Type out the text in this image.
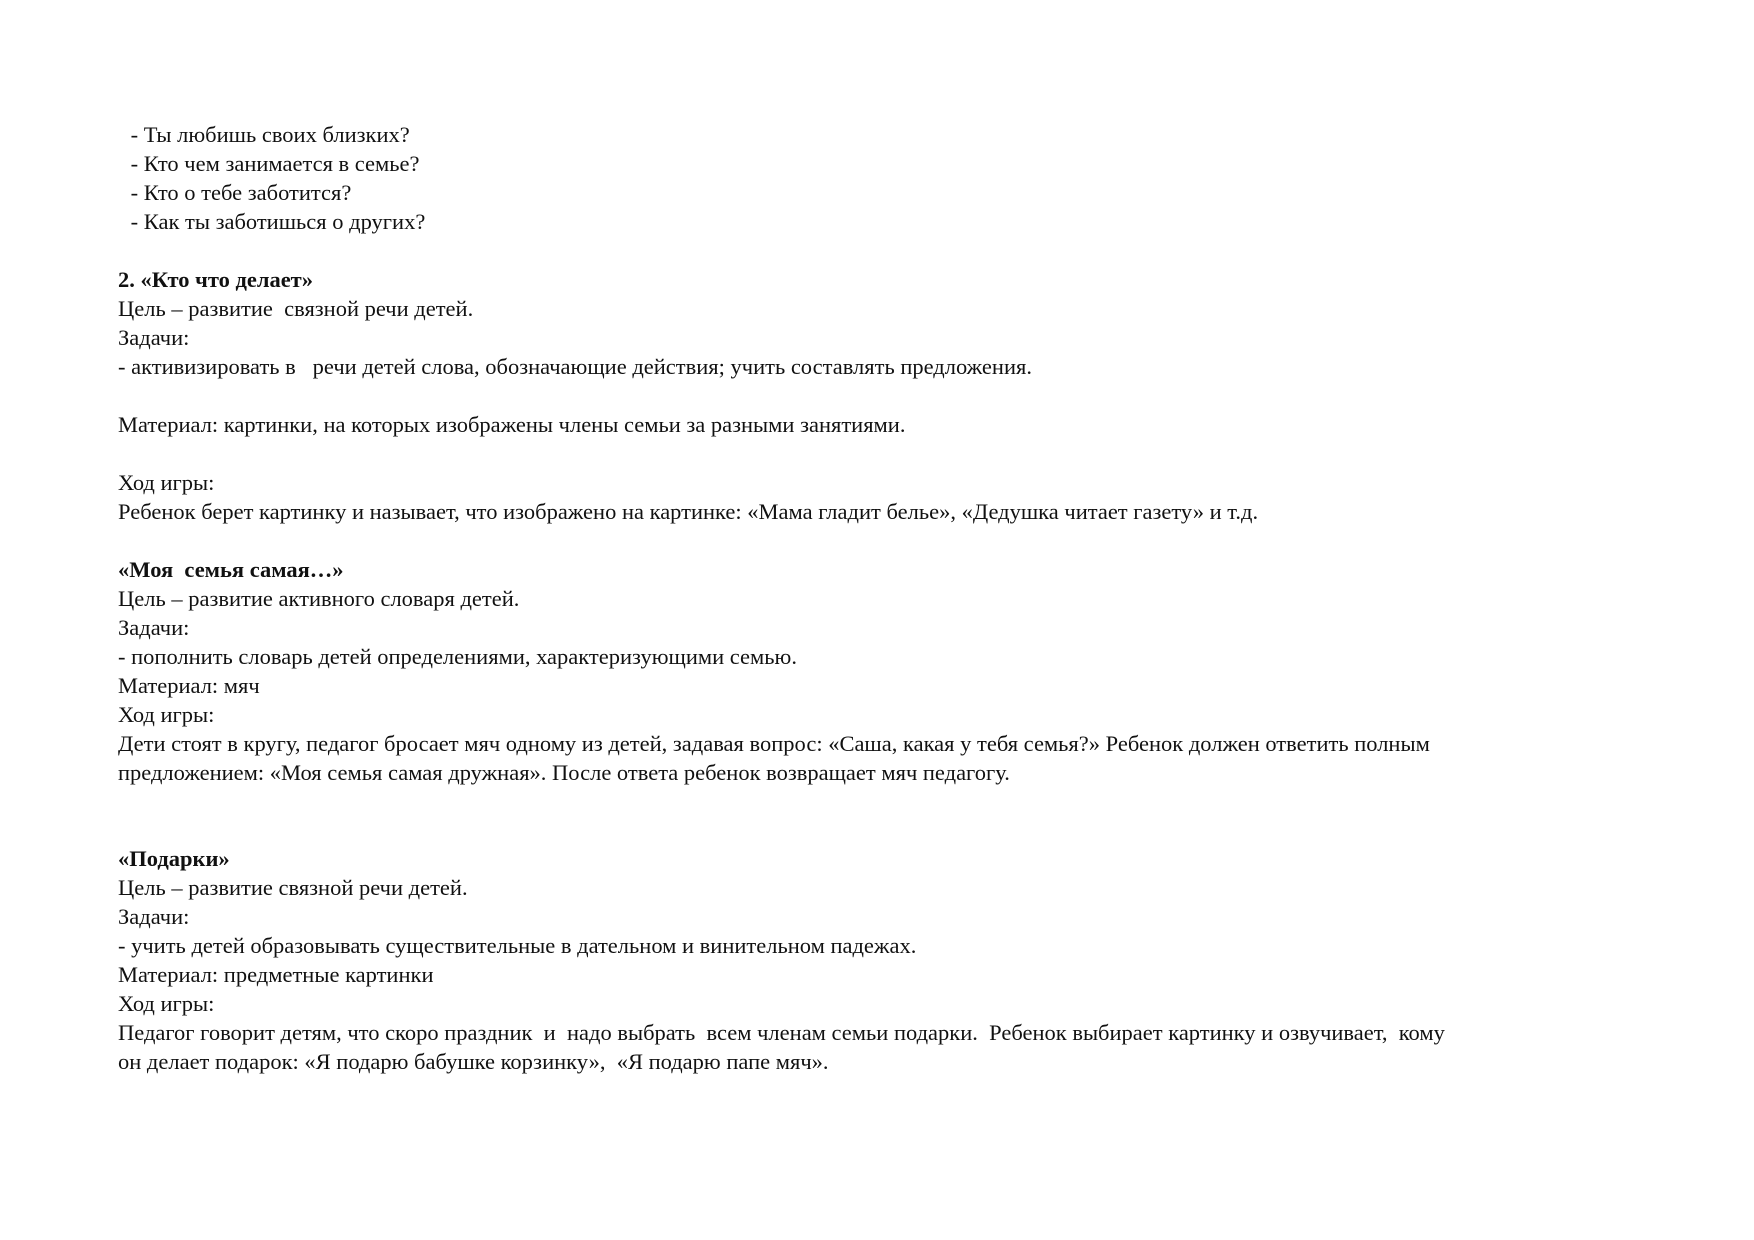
- Ты любишь своих близких?
- Кто чем занимается в семье?
- Кто о тебе заботится?
- Как ты заботишься о других?
2. «Кто что делает»
Цель – развитие  связной речи детей.
Задачи:
- активизировать в   речи детей слова, обозначающие действия; учить составлять предложения.
Материал: картинки, на которых изображены члены семьи за разными занятиями.
Ход игры:
Ребенок берет картинку и называет, что изображено на картинке: «Мама гладит белье», «Дедушка читает газету» и т.д.
«Моя  семья самая…»
Цель – развитие активного словаря детей.
Задачи:
- пополнить словарь детей определениями, характеризующими семью.
Материал: мяч
Ход игры:
Дети стоят в кругу, педагог бросает мяч одному из детей, задавая вопрос: «Саша, какая у тебя семья?» Ребенок должен ответить полным
предложением: «Моя семья самая дружная». После ответа ребенок возвращает мяч педагогу.
«Подарки»
Цель – развитие связной речи детей.
Задачи:
- учить детей образовывать существительные в дательном и винительном падежах.
Материал: предметные картинки
Ход игры:
Педагог говорит детям, что скоро праздник  и  надо выбрать  всем членам семьи подарки.  Ребенок выбирает картинку и озвучивает,  кому
он делает подарок: «Я подарю бабушке корзинку»,  «Я подарю папе мяч».
